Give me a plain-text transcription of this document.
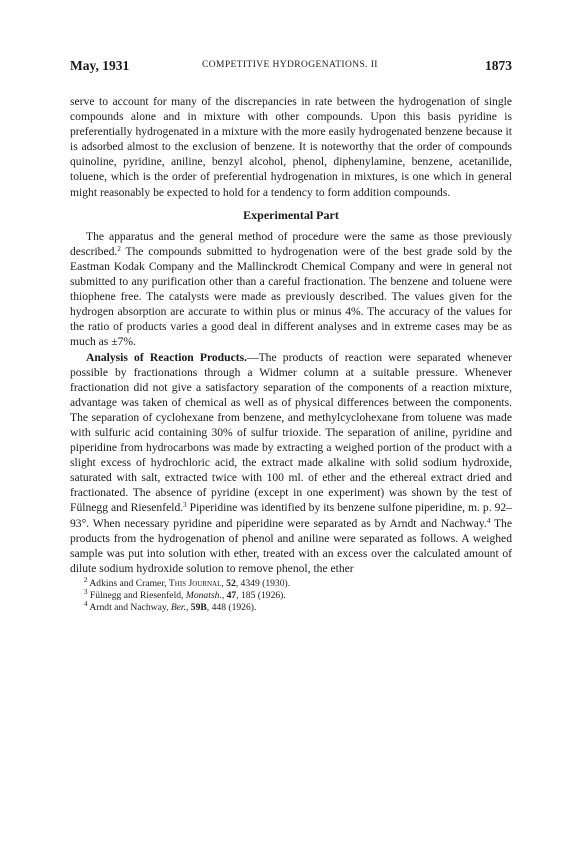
May, 1931	COMPETITIVE HYDROGENATIONS. II	1873

serve to account for many of the discrepancies in rate between the hydrogenation of single compounds alone and in mixture with other compounds. Upon this basis pyridine is preferentially hydrogenated in a mixture with the more easily hydrogenated benzene because it is adsorbed almost to the exclusion of benzene. It is noteworthy that the order of compounds quinoline, pyridine, aniline, benzyl alcohol, phenol, diphenylamine, benzene, acetanilide, toluene, which is the order of preferential hydrogenation in mixtures, is one which in general might reasonably be expected to hold for a tendency to form addition compounds.

Experimental Part

The apparatus and the general method of procedure were the same as those previously described.$^2$ The compounds submitted to hydrogenation were of the best grade sold by the Eastman Kodak Company and the Mallinckrodt Chemical Company and were in general not submitted to any purification other than a careful fractionation. The benzene and toluene were thiophene free. The catalysts were made as previously described. The values given for the hydrogen absorption are accurate to within plus or minus 4%. The accuracy of the values for the ratio of products varies a good deal in different analyses and in extreme cases may be as much as ±7%.

Analysis of Reaction Products.—The products of reaction were separated whenever possible by fractionations through a Widmer column at a suitable pressure. Whenever fractionation did not give a satisfactory separation of the components of a reaction mixture, advantage was taken of chemical as well as of physical differences between the components. The separation of cyclohexane from benzene, and methylcyclohexane from toluene was made with sulfuric acid containing 30% of sulfur trioxide. The separation of aniline, pyridine and piperidine from hydrocarbons was made by extracting a weighed portion of the product with a slight excess of hydrochloric acid, the extract made alkaline with solid sodium hydroxide, saturated with salt, extracted twice with 100 ml. of ether and the ethereal extract dried and fractionated. The absence of pyridine (except in one experiment) was shown by the test of Fülnegg and Riesenfeld.$^3$ Piperidine was identified by its benzene sulfone piperidine, m. p. 92–93°. When necessary pyridine and piperidine were separated as by Arndt and Nachway.$^4$ The products from the hydrogenation of phenol and aniline were separated as follows. A weighed sample was put into solution with ether, treated with an excess over the calculated amount of dilute sodium hydroxide solution to remove phenol, the ether

$^2$ Adkins and Cramer, This Journal, 52, 4349 (1930).
$^3$ Fülnegg and Riesenfeld, Monatsh., 47, 185 (1926).
$^4$ Arndt and Nachway, Ber., 59B, 448 (1926).
